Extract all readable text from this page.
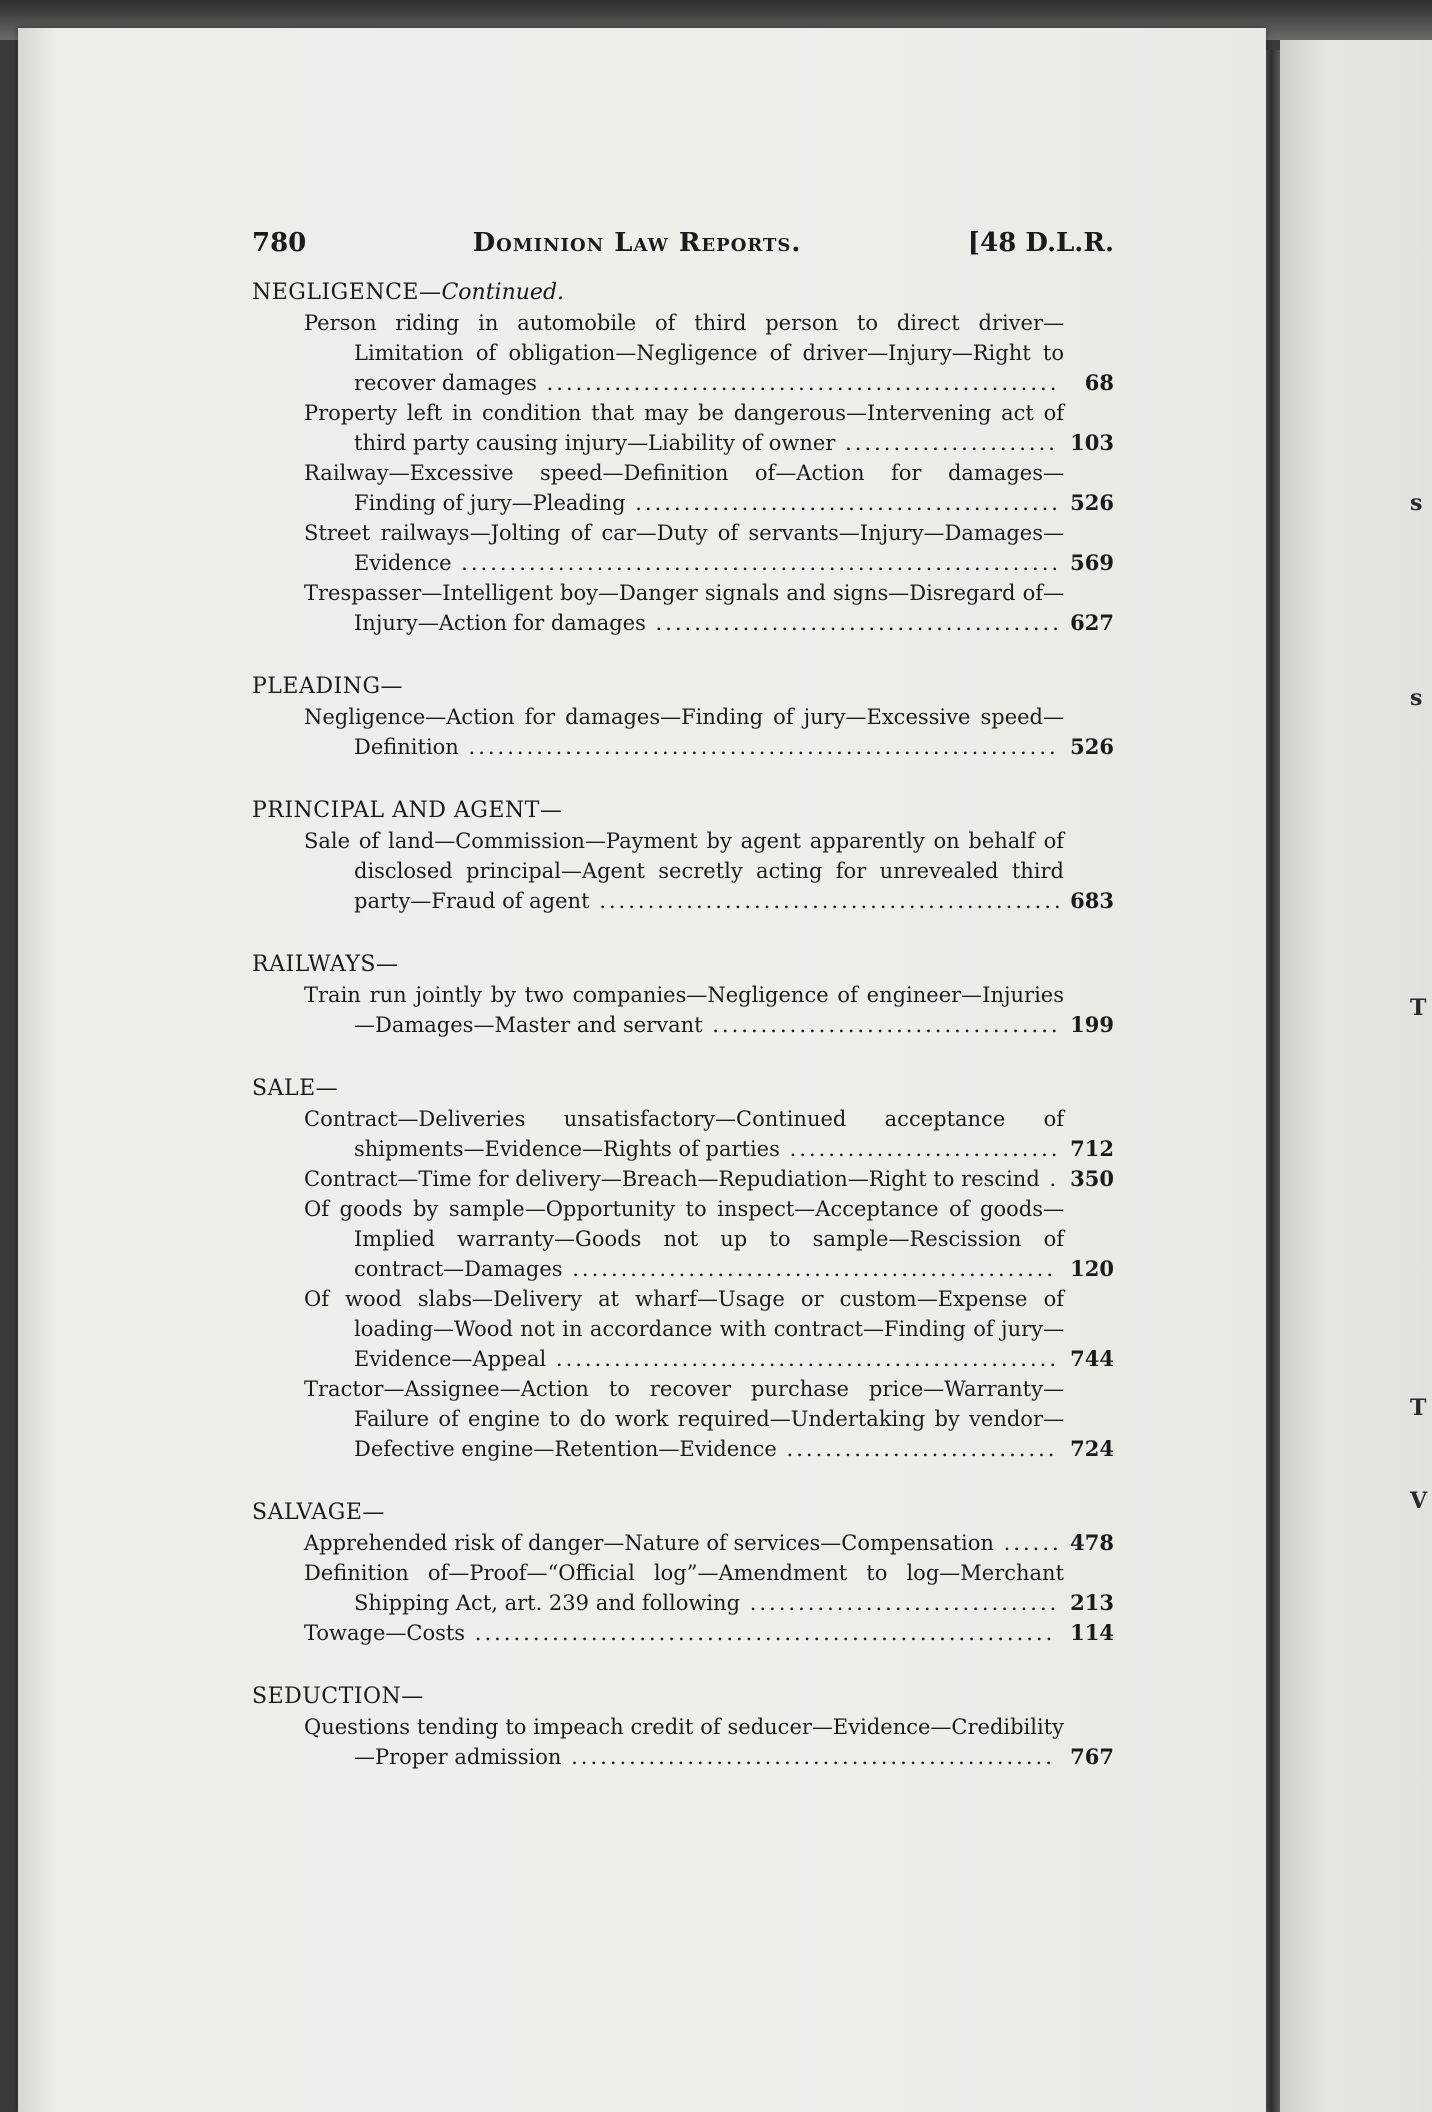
s
s
T
T
V
780	Dominion Law Reports.	[48 D.L.R.
NEGLIGENCE—Continued.
Person riding in automobile of third person to direct driver—Limitation of obligation—Negligence of driver—Injury—Right to recover damages .....................................................	68
Property left in condition that may be dangerous—Intervening act of third party causing injury—Liability of owner ...................... 103
Railway—Excessive speed—Definition of—Action for damages—Finding of jury—Pleading ............................................ 526
Street railways—Jolting of car—Duty of servants—Injury—Damages—Evidence .............................................................. 569
Trespasser—Intelligent boy—Danger signals and signs—Disregard of—Injury—Action for damages .......................................... 627
PLEADING—
Negligence—Action for damages—Finding of jury—Excessive speed—Definition ............................................................. 526
PRINCIPAL AND AGENT—
Sale of land—Commission—Payment by agent apparently on behalf of disclosed principal—Agent secretly acting for unrevealed third party—Fraud of agent ................................................ 683
RAILWAYS—
Train run jointly by two companies—Negligence of engineer—Injuries—Damages—Master and servant .................................... 199
SALE—
Contract—Deliveries unsatisfactory—Continued acceptance of shipments—Evidence—Rights of parties ............................ 712
Contract—Time for delivery—Breach—Repudiation—Right to rescind . 350
Of goods by sample—Opportunity to inspect—Acceptance of goods—Implied warranty—Goods not up to sample—Rescission of contract—Damages .................................................. 120
Of wood slabs—Delivery at wharf—Usage or custom—Expense of loading—Wood not in accordance with contract—Finding of jury—Evidence—Appeal .................................................... 744
Tractor—Assignee—Action to recover purchase price—Warranty—Failure of engine to do work required—Undertaking by vendor—Defective engine—Retention—Evidence ............................ 724
SALVAGE—
Apprehended risk of danger—Nature of services—Compensation ...... 478
Definition of—Proof—“Official log”—Amendment to log—Merchant Shipping Act, art. 239 and following ................................ 213
Towage—Costs ............................................................ 114
SEDUCTION—
Questions tending to impeach credit of seducer—Evidence—Credibility—Proper admission .................................................. 767
